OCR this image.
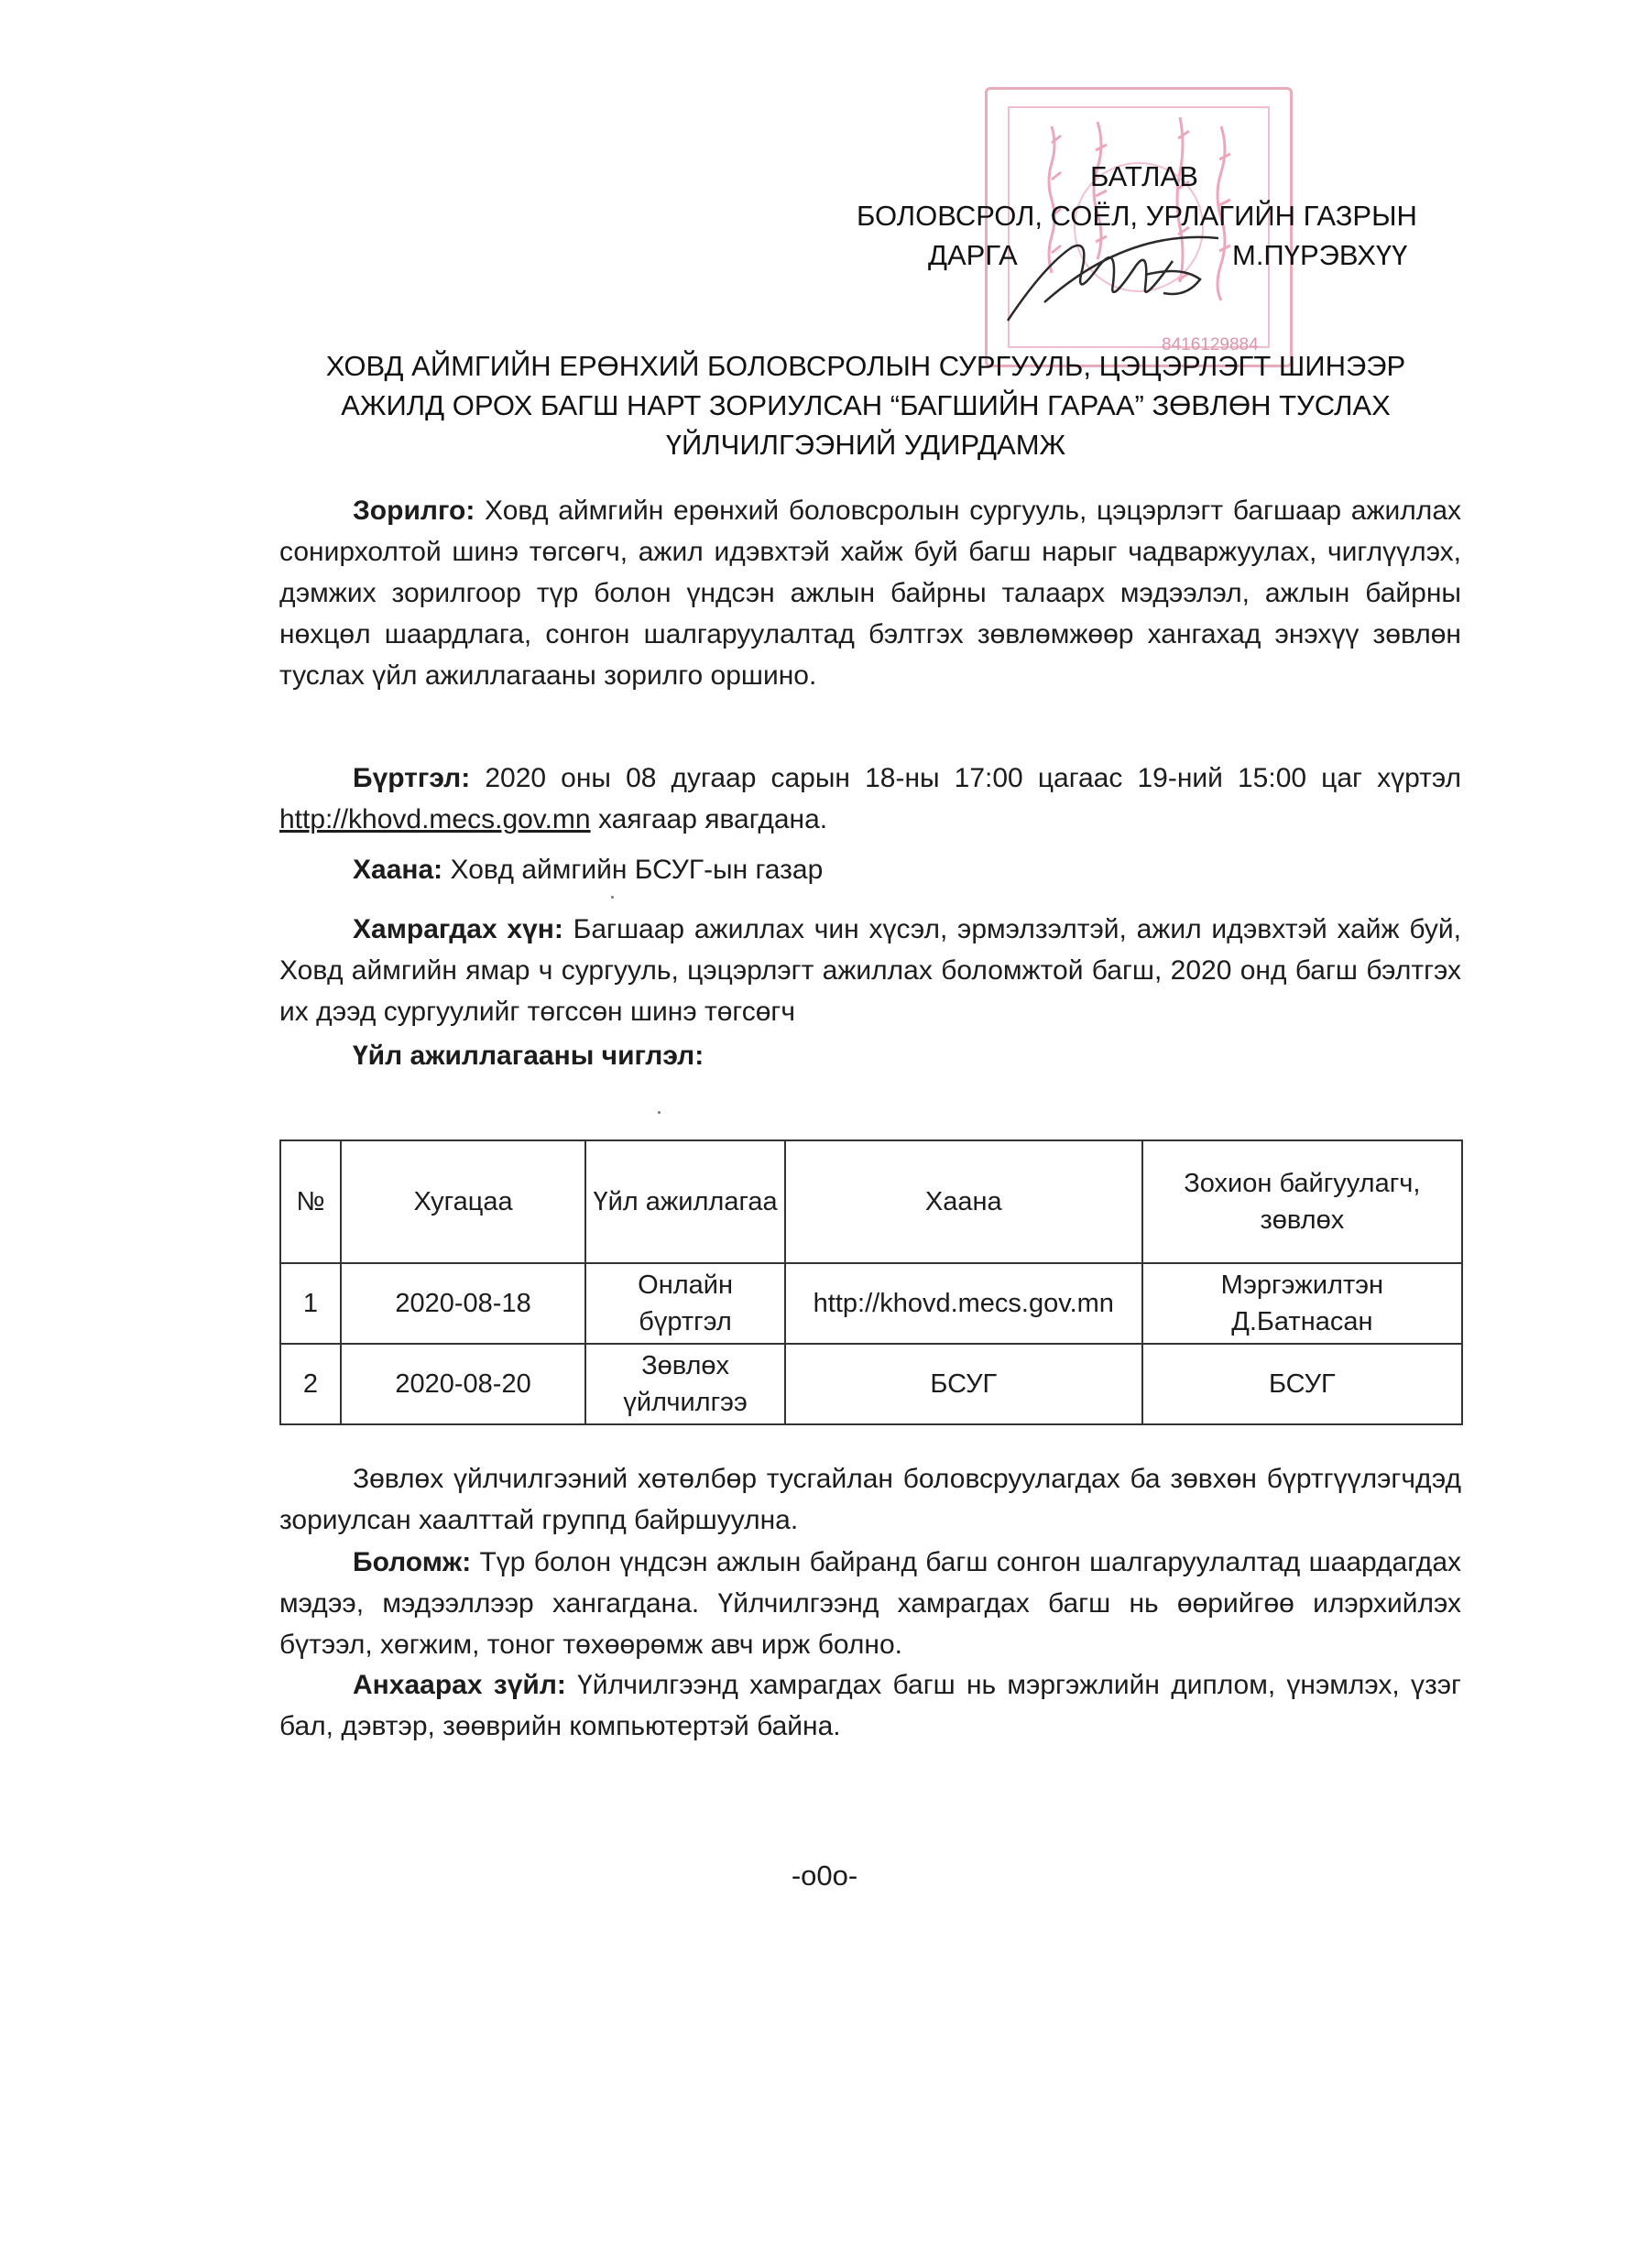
8416129884
БАТЛАВ
БОЛОВСРОЛ, СОЁЛ, УРЛАГИЙН ГАЗРЫН
ДАРГА	М.ПҮРЭВХҮҮ
ХОВД АЙМГИЙН ЕРӨНХИЙ БОЛОВСРОЛЫН СУРГУУЛЬ, ЦЭЦЭРЛЭГТ ШИНЭЭР
АЖИЛД ОРОХ БАГШ НАРТ ЗОРИУЛСАН “БАГШИЙН ГАРАА” ЗӨВЛӨН ТУСЛАХ
ҮЙЛЧИЛГЭЭНИЙ УДИРДАМЖ
Зорилго: Ховд аймгийн ерөнхий боловсролын сургууль, цэцэрлэгт багшаар ажиллах сонирхолтой шинэ төгсөгч, ажил идэвхтэй хайж буй багш нарыг чадваржуулах, чиглүүлэх, дэмжих зорилгоор түр болон үндсэн ажлын байрны талаарх мэдээлэл, ажлын байрны нөхцөл шаардлага, сонгон шалгаруулалтад бэлтгэх зөвлөмжөөр хангахад энэхүү зөвлөн туслах үйл ажиллагааны зорилго оршино.
Бүртгэл: 2020 оны 08 дугаар сарын 18-ны 17:00 цагаас 19-ний 15:00 цаг хүртэл http://khovd.mecs.gov.mn хаягаар явагдана.
Хаана: Ховд аймгийн БСУГ-ын газар
Хамрагдах хүн: Багшаар ажиллах чин хүсэл, эрмэлзэлтэй, ажил идэвхтэй хайж буй, Ховд аймгийн ямар ч сургууль, цэцэрлэгт ажиллах боломжтой багш, 2020 онд багш бэлтгэх их дээд сургуулийг төгссөн шинэ төгсөгч
Үйл ажиллагааны чиглэл:
№	Хугацаа	Үйл ажиллагаа	Хаана	Зохион байгуулагч, зөвлөх
1	2020-08-18	Онлайн бүртгэл	http://khovd.mecs.gov.mn	Мэргэжилтэн Д.Батнасан
2	2020-08-20	Зөвлөх үйлчилгээ	БСУГ	БСУГ
Зөвлөх үйлчилгээний хөтөлбөр тусгайлан боловсруулагдах ба зөвхөн бүртгүүлэгчдэд зориулсан хаалттай группд байршуулна.
Боломж: Түр болон үндсэн ажлын байранд багш сонгон шалгаруулалтад шаардагдах мэдээ, мэдээллээр хангагдана. Үйлчилгээнд хамрагдах багш нь өөрийгөө илэрхийлэх бүтээл, хөгжим, тоног төхөөрөмж авч ирж болно.
Анхаарах зүйл: Үйлчилгээнд хамрагдах багш нь мэргэжлийн диплом, үнэмлэх, үзэг бал, дэвтэр, зөөврийн компьютертэй байна.
-o0o-
